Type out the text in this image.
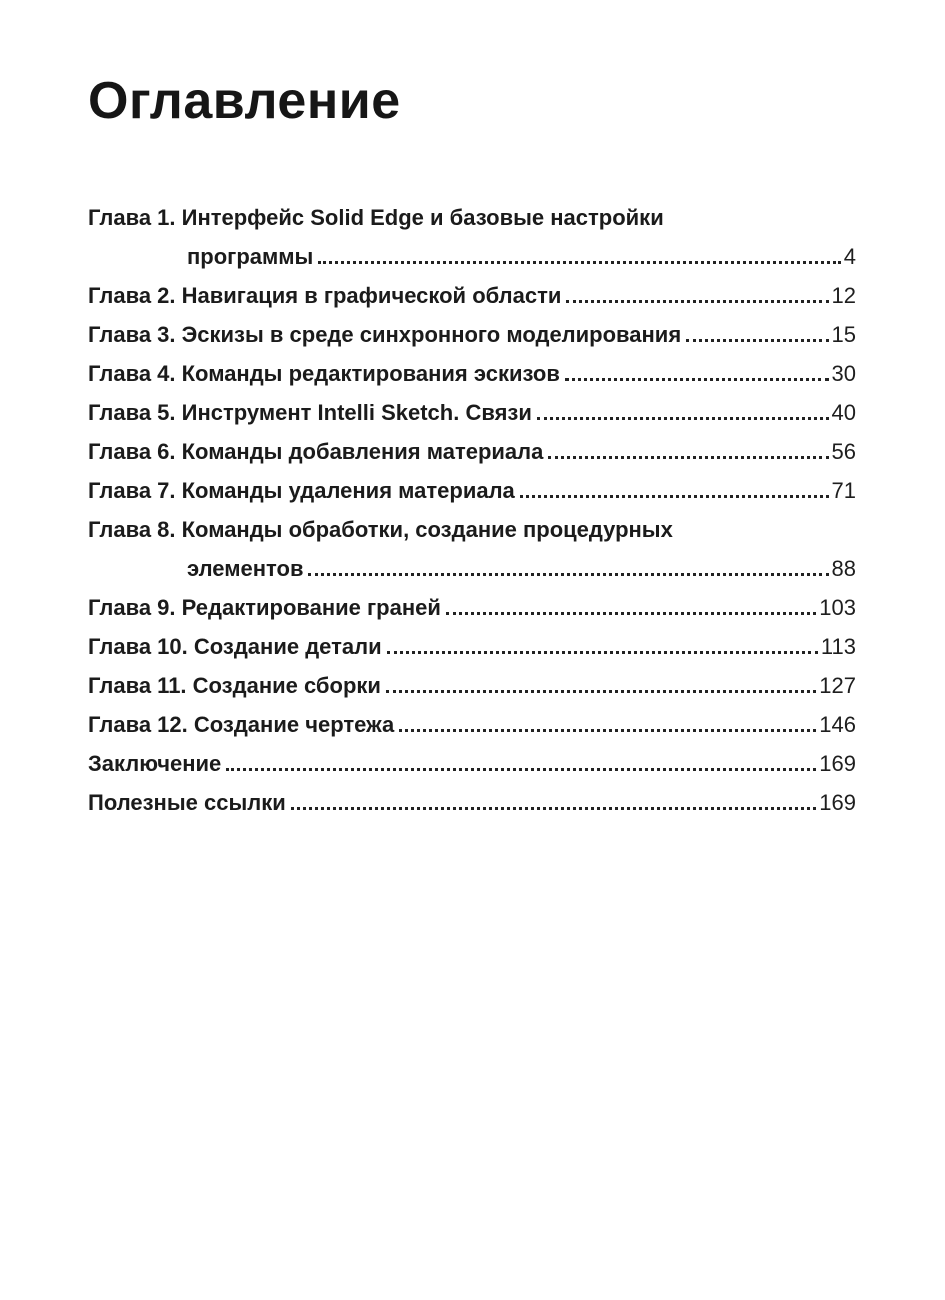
Оглавление
Глава 1. Интерфейс Solid Edge и базовые настройки
программы	4
Глава 2. Навигация в графической области	12
Глава 3. Эскизы в среде синхронного моделирования	15
Глава 4. Команды редактирования эскизов	30
Глава 5. Инструмент Intelli Sketch. Связи	40
Глава 6. Команды добавления материала	56
Глава 7. Команды удаления материала	71
Глава 8. Команды обработки, создание процедурных
элементов	88
Глава 9. Редактирование граней	103
Глава 10. Создание детали	113
Глава 11. Создание сборки	127
Глава 12. Создание чертежа	146
Заключение	169
Полезные ссылки	169
